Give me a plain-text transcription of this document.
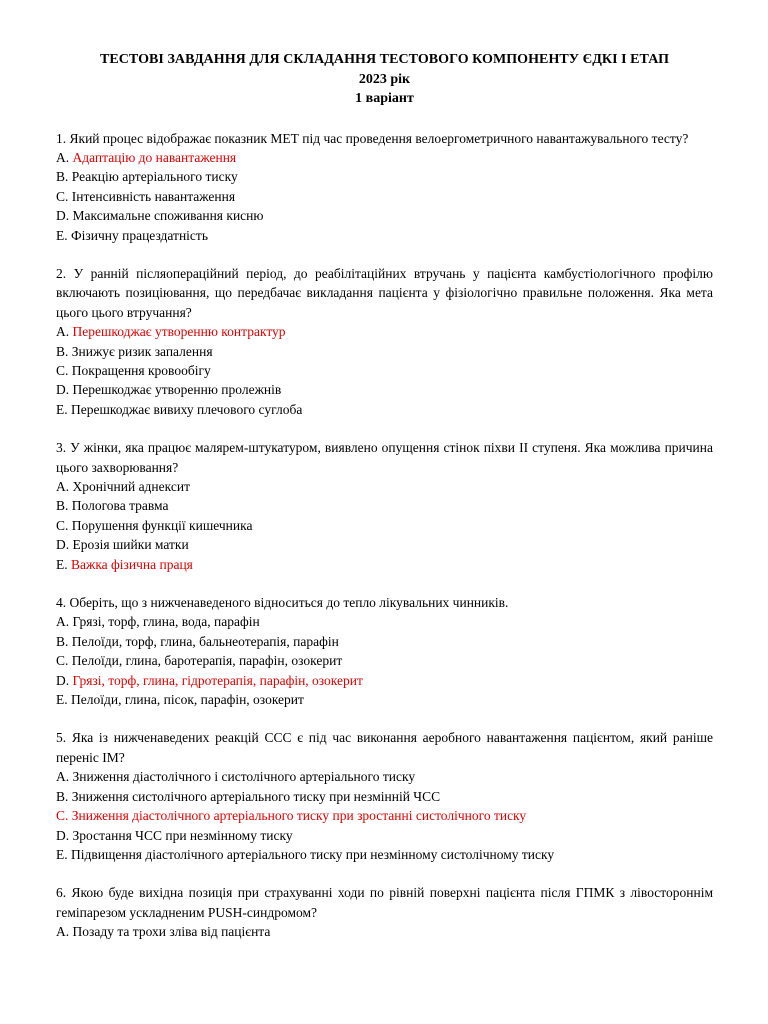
ТЕСТОВІ ЗАВДАННЯ ДЛЯ СКЛАДАННЯ ТЕСТОВОГО КОМПОНЕНТУ ЄДКІ І ЕТАП
2023 рік
1 варіант
1. Який процес відображає показник МЕТ під час проведення велоергометричного навантажувального тесту?
A. Адаптацію до навантаження
B. Реакцію артеріального тиску
C. Інтенсивність навантаження
D. Максимальне споживання кисню
E. Фізичну працездатність
2. У ранній післяопераційний період, до реабілітаційних втручань у пацієнта камбустіологічного профілю включають позиціювання, що передбачає викладання пацієнта у фізіологічно правильне положення. Яка мета цього цього втручання?
A. Перешкоджає утворенню контрактур
B. Знижує ризик запалення
C. Покращення кровообігу
D. Перешкоджає утворенню пролежнів
E. Перешкоджає вивиху плечового суглоба
3. У жінки, яка працює малярем-штукатуром, виявлено опущення стінок піхви II ступеня. Яка можлива причина цього захворювання?
A. Хронічний аднексит
B. Пологова травма
C. Порушення функції кишечника
D. Ерозія шийки матки
E. Важка фізична праця
4. Оберіть, що з нижченаведеного відноситься до тепло лікувальних чинників.
A. Грязі, торф, глина, вода, парафін
B. Пелоїди, торф, глина, бальнеотерапія, парафін
C. Пелоїди, глина, баротерапія, парафін, озокерит
D. Грязі, торф, глина, гідротерапія, парафін, озокерит
E. Пелоїди, глина, пісок, парафін, озокерит
5. Яка із нижченаведених реакцій ССС є під час виконання аеробного навантаження пацієнтом, який раніше переніс ІМ?
A. Зниження діастолічного і систолічного артеріального тиску
B. Зниження систолічного артеріального тиску при незмінній ЧСС
C. Зниження діастолічного артеріального тиску при зростанні систолічного тиску
D. Зростання ЧСС при незмінному тиску
E. Підвищення діастолічного артеріального тиску при незмінному систолічному тиску
6. Якою буде вихідна позиція при страхуванні ходи по рівній поверхні пацієнта після ГПМК з лівостороннім геміпарезом ускладненим PUSH-синдромом?
A. Позаду та трохи зліва від пацієнта
